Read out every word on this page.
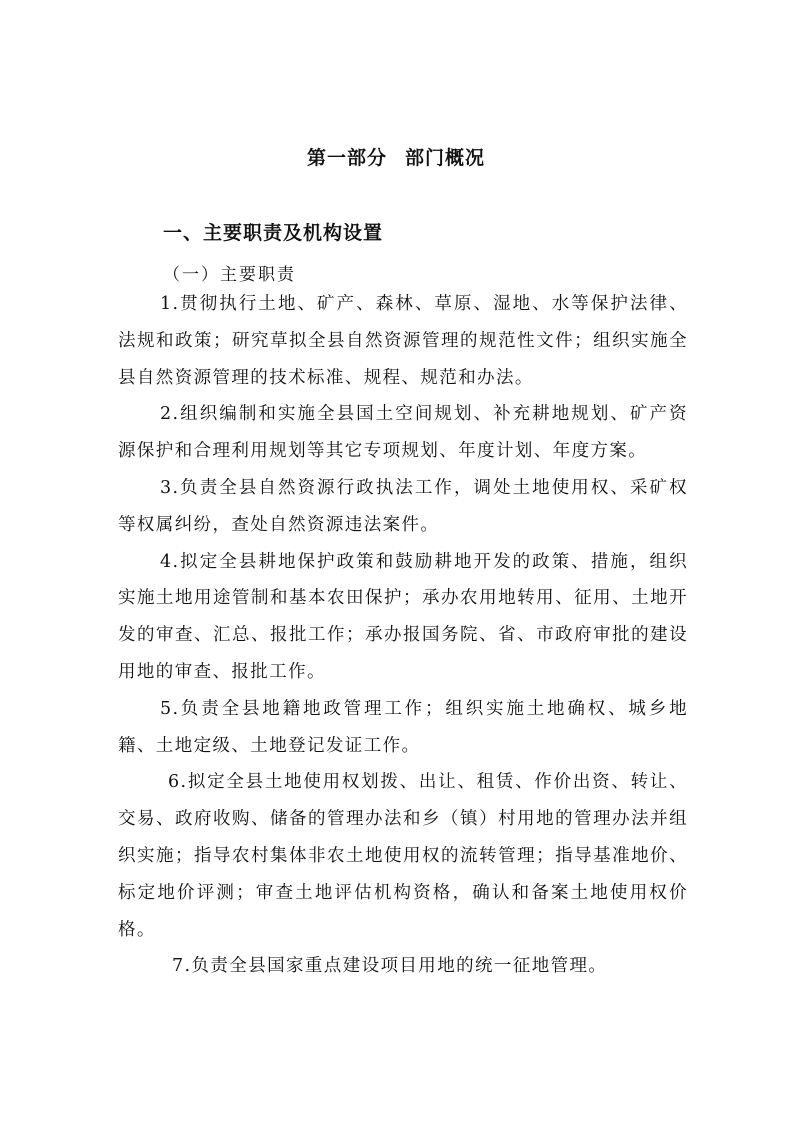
第一部分 部门概况
一、主要职责及机构设置
（一）主要职责

1.贯彻执行土地、矿产、森林、草原、湿地、水等保护法律、法规和政策；研究草拟全县自然资源管理的规范性文件；组织实施全县自然资源管理的技术标准、规程、规范和办法。

2.组织编制和实施全县国土空间规划、补充耕地规划、矿产资源保护和合理利用规划等其它专项规划、年度计划、年度方案。

3.负责全县自然资源行政执法工作，调处土地使用权、采矿权等权属纠纷，查处自然资源违法案件。

4.拟定全县耕地保护政策和鼓励耕地开发的政策、措施，组织实施土地用途管制和基本农田保护；承办农用地转用、征用、土地开发的审查、汇总、报批工作；承办报国务院、省、市政府审批的建设用地的审查、报批工作。

5.负责全县地籍地政管理工作；组织实施土地确权、城乡地籍、土地定级、土地登记发证工作。

6.拟定全县土地使用权划拨、出让、租赁、作价出资、转让、交易、政府收购、储备的管理办法和乡（镇）村用地的管理办法并组织实施；指导农村集体非农土地使用权的流转管理；指导基准地价、标定地价评测；审查土地评估机构资格，确认和备案土地使用权价格。

7.负责全县国家重点建设项目用地的统一征地管理。
